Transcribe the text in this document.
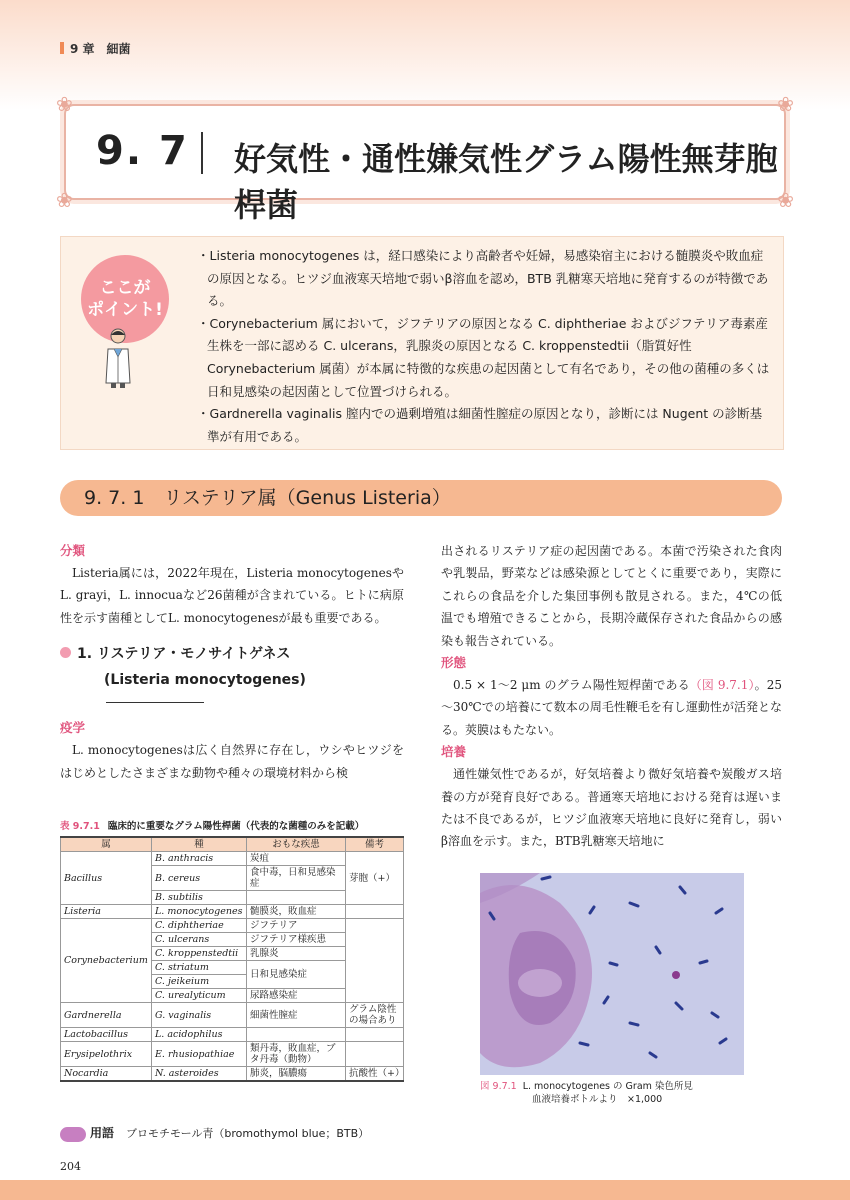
9 章　細菌
❀	❀
❀	❀
9. 7 好気性・通性嫌気性グラム陽性無芽胞桿菌
ここが
ポイント!
・Listeria monocytogenes は，経口感染により高齢者や妊婦，易感染宿主における髄膜炎や敗血症の原因となる。ヒツジ血液寒天培地で弱いβ溶血を認め，BTB 乳糖寒天培地に発育するのが特徴である。
・Corynebacterium 属において，ジフテリアの原因となる C. diphtheriae およびジフテリア毒素産生株を一部に認める C. ulcerans，乳腺炎の原因となる C. kroppenstedtii（脂質好性 Corynebacterium 属菌）が本属に特徴的な疾患の起因菌として有名であり，その他の菌種の多くは日和見感染の起因菌として位置づけられる。
・Gardnerella vaginalis 膣内での過剰増殖は細菌性膣症の原因となり，診断には Nugent の診断基準が有用である。
9. 7. 1　リステリア属（Genus Listeria）

分類

Listeria属には，2022年現在，Listeria monocytogenesやL. grayi，L. innocuaなど26菌種が含まれている。ヒトに病原性を示す菌種としてL. monocytogenesが最も重要である。

1. リステリア・モノサイトゲネス
(Listeria monocytogenes)

疫学

L. monocytogenesは広く自然界に存在し，ウシやヒツジをはじめとしたさまざまな動物や種々の環境材料から検

出されるリステリア症の起因菌である。本菌で汚染された食肉や乳製品，野菜などは感染源としてとくに重要であり，実際にこれらの食品を介した集団事例も散見される。また，4℃の低温でも増殖できることから，長期冷蔵保存された食品からの感染も報告されている。

形態

0.5 × 1～2 μm のグラム陽性短桿菌である（図 9.7.1）。25～30℃での培養にて数本の周毛性鞭毛を有し運動性が活発となる。莢膜はもたない。

培養

通性嫌気性であるが，好気培養より微好気培養や炭酸ガス培養の方が発育良好である。普通寒天培地における発育は遅いまたは不良であるが，ヒツジ血液寒天培地に良好に発育し，弱いβ溶血を示す。また，BTB乳糖寒天培地に

表 9.7.1 臨床的に重要なグラム陽性桿菌（代表的な菌種のみを記載）
属	種	おもな疾患	備考
Bacillus	B. anthracis	炭疽	芽胞（+）
	B. cereus	食中毒，日和見感染症	
	B. subtilis		
Listeria	L. monocytogenes	髄膜炎，敗血症	
Corynebacterium	C. diphtheriae	ジフテリア	
	C. ulcerans	ジフテリア様疾患	
	C. kroppenstedtii	乳腺炎	
	C. striatum	日和見感染症	
	C. jeikeium		
	C. urealyticum	尿路感染症	
Gardnerella	G. vaginalis	細菌性膣症	グラム陰性の場合あり
Lactobacillus	L. acidophilus		
Erysipelothrix	E. rhusiopathiae	類丹毒，敗血症，ブタ丹毒（動物）	
Nocardia	N. asteroides	肺炎，脳膿瘍	抗酸性（+）
図 9.7.1 L. monocytogenes の Gram 染色所見
血液培養ボトルより　×1,000
用語 ブロモチモール青（bromothymol blue；BTB）
204
